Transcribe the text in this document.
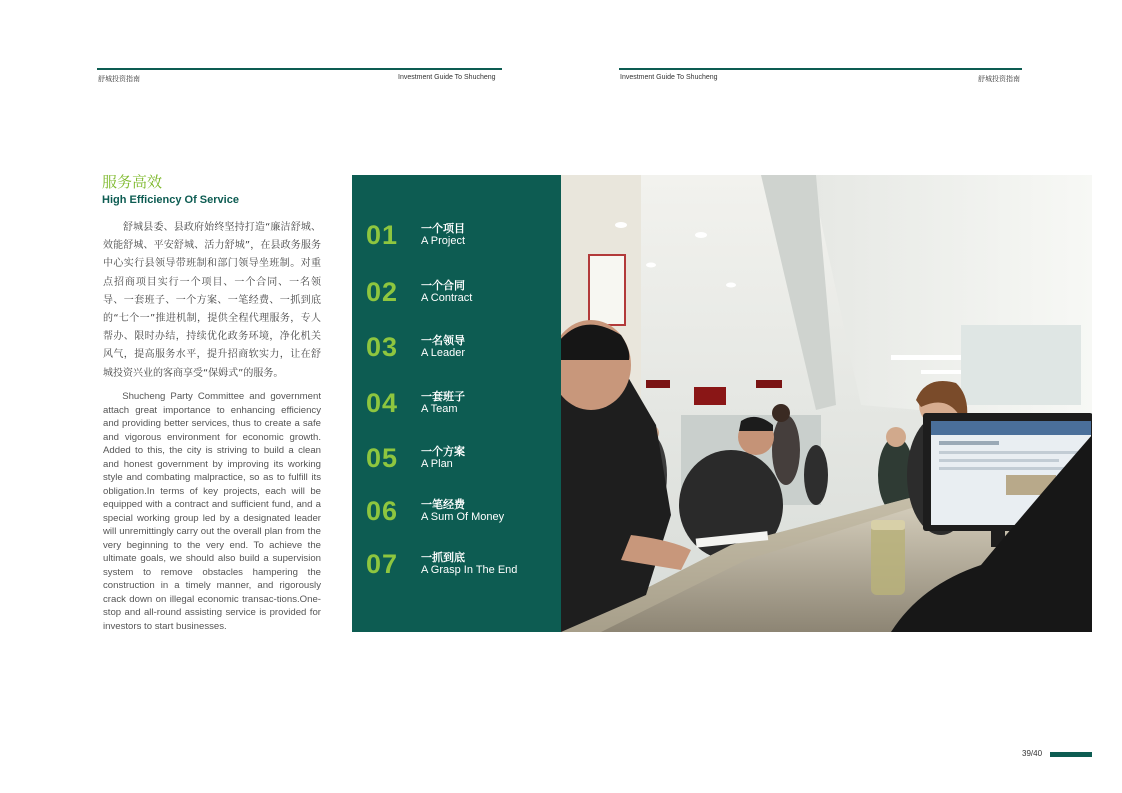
舒城投资指南	Investment Guide To Shucheng	Investment Guide To Shucheng	舒城投资指南
服务高效
High Efficiency Of Service

舒城县委、县政府始终坚持打造“廉洁舒城、效能舒城、平安舒城、活力舒城”，在县政务服务中心实行县领导带班制和部门领导坐班制。对重点招商项目实行一个项目、一个合同、一名领导、一套班子、一个方案、一笔经费、一抓到底的“七个一”推进机制，提供全程代理服务，专人帮办、限时办结，持续优化政务环境，净化机关风气，提高服务水平，提升招商软实力，让在舒城投资兴业的客商享受“保姆式”的服务。

Shucheng Party Committee and government attach great importance to enhancing efficiency and providing better services, thus to create a safe and vigorous environment for economic growth. Added to this, the city is striving to build a clean and honest government by improving its working style and combating malpractice, so as to fulfill its obligation.In terms of key projects, each will be equipped with a contract and sufficient fund, and a special working group led by a designated leader will unremittingly carry out the overall plan from the very beginning to the very end. To achieve the ultimate goals, we should also build a supervision system to remove obstacles hampering the construction in a timely manner, and rigorously crack down on illegal economic transac-tions.One-stop and all-round assisting service is provided for investors to start businesses.

01 一个项目
A Project
02 一个合同
A Contract
03 一名领导
A Leader
04 一套班子
A Team
05 一个方案
A Plan
06 一笔经费
A Sum Of Money
07 一抓到底
A Grasp In The End
39/40
